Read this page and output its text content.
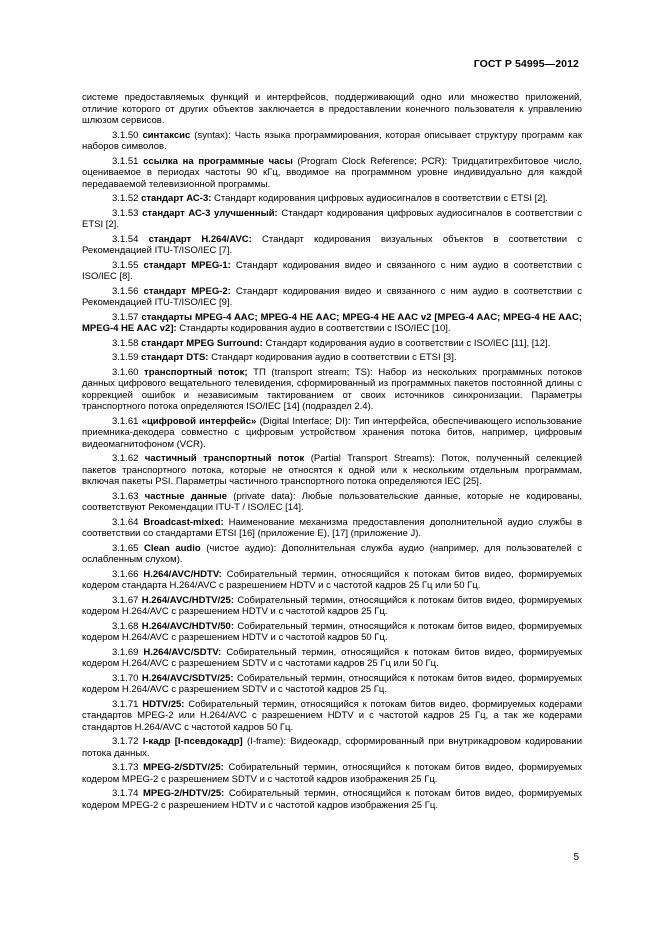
ГОСТ Р 54995—2012

системе предоставляемых функций и интерфейсов, поддерживающий одно или множество приложений, отличие которого от других объектов заключается в предоставлении конечного пользователя к управлению шлюзом сервисов.

3.1.50 синтаксис (syntax): Часть языка программирования, которая описывает структуру программ как наборов символов.

3.1.51 ссылка на программные часы (Program Clock Reference; PCR): Тридцатитрехбитовое число, оцениваемое в периодах частоты 90 кГц, вводимое на программном уровне индивидуально для каждой передаваемой телевизионной программы.

3.1.52 стандарт АС-3: Стандарт кодирования цифровых аудиосигналов в соответствии с ETSI [2].

3.1.53 стандарт АС-3 улучшенный: Стандарт кодирования цифровых аудиосигналов в соответствии с ETSI [2].

3.1.54 стандарт H.264/AVC: Стандарт кодирования визуальных объектов в соответствии с Рекомендацией ITU-T/ISO/IEC [7].

3.1.55 стандарт MPEG-1: Стандарт кодирования видео и связанного с ним аудио в соответствии с ISO/IEC [8].

3.1.56 стандарт MPEG-2: Стандарт кодирования видео и связанного с ним аудио в соответствии с Рекомендацией ITU-T/ISO/IEC [9].

3.1.57 стандарты MPEG-4 AAC; MPEG-4 HE AAC; MPEG-4 HE AAC v2 [MPEG-4 AAC; MPEG-4 HE AAC; MPEG-4 HE AAC v2]: Стандарты кодирования аудио в соответствии с ISO/IEC [10].

3.1.58 стандарт MPEG Surround: Стандарт кодирования аудио в соответствии с ISO/IEC [11], [12].

3.1.59 стандарт DTS: Стандарт кодирования аудио в соответствии с ETSI [3].

3.1.60 транспортный поток; ТП (transport stream; TS): Набор из нескольких программных потоков данных цифрового вещательного телевидения, сформированный из программных пакетов постоянной длины с коррекцией ошибок и независимым тактированием от своих источников синхронизации. Параметры транспортного потока определяются ISO/IEC [14] (подраздел 2.4).

3.1.61 «цифровой интерфейс» (Digital Interface; DI): Тип интерфейса, обеспечивающего использование приемника-декодера совместно с цифровым устройством хранения потока битов, например, цифровым видеомагнитофоном (VCR).

3.1.62 частичный транспортный поток (Partial Transport Streams): Поток, полученный селекцией пакетов транспортного потока, которые не относятся к одной или к нескольким отдельным программам, включая пакеты PSI. Параметры частичного транспортного потока определяются IEC [25].

3.1.63 частные данные (private data): Любые пользовательские данные, которые не кодированы, соответствуют Рекомендации ITU-T / ISO/IEC [14].

3.1.64 Broadcast-mixed: Наименование механизма предоставления дополнительной аудио службы в соответствии со стандартами ETSI [16] (приложение E), [17] (приложение J).

3.1.65 Clean audio (чистое аудио): Дополнительная служба аудио (например, для пользователей с ослабленным слухом).

3.1.66 H.264/AVC/HDTV: Собирательный термин, относящийся к потокам битов видео, формируемых кодером стандарта H.264/AVC с разрешением HDTV и с частотой кадров 25 Гц или 50 Гц.

3.1.67 H.264/AVC/HDTV/25: Собирательный термин, относящийся к потокам битов видео, формируемых кодером H.264/AVC с разрешением HDTV и с частотой кадров 25 Гц.

3.1.68 H.264/AVC/HDTV/50: Собирательный термин, относящийся к потокам битов видео, формируемых кодером H.264/AVC с разрешением HDTV и с частотой кадров 50 Гц.

3.1.69 H.264/AVC/SDTV: Собирательный термин, относящийся к потокам битов видео, формируемых кодером H.264/AVC с разрешением SDTV и с частотами кадров 25 Гц или 50 Гц.

3.1.70 H.264/AVC/SDTV/25: Собирательный термин, относящийся к потокам битов видео, формируемых кодером H.264/AVC с разрешением SDTV и с частотой кадров 25 Гц.

3.1.71 HDTV/25: Собирательный термин, относящийся к потокам битов видео, формируемых кодерами стандартов MPEG-2 или H.264/AVC с разрешением HDTV и с частотой кадров 25 Гц, а так же кодерами стандартов H.264/AVC с частотой кадров 50 Гц.

3.1.72 I-кадр [I-псевдокадр] (I-frame): Видеокадр, сформированный при внутрикадровом кодировании потока данных.

3.1.73 MPEG-2/SDTV/25: Собирательный термин, относящийся к потокам битов видео, формируемых кодером MPEG-2 с разрешением SDTV и с частотой кадров изображения 25 Гц.

3.1.74 MPEG-2/HDTV/25: Собирательный термин, относящийся к потокам битов видео, формируемых кодером MPEG-2 с разрешением HDTV и с частотой кадров изображения 25 Гц.

5
